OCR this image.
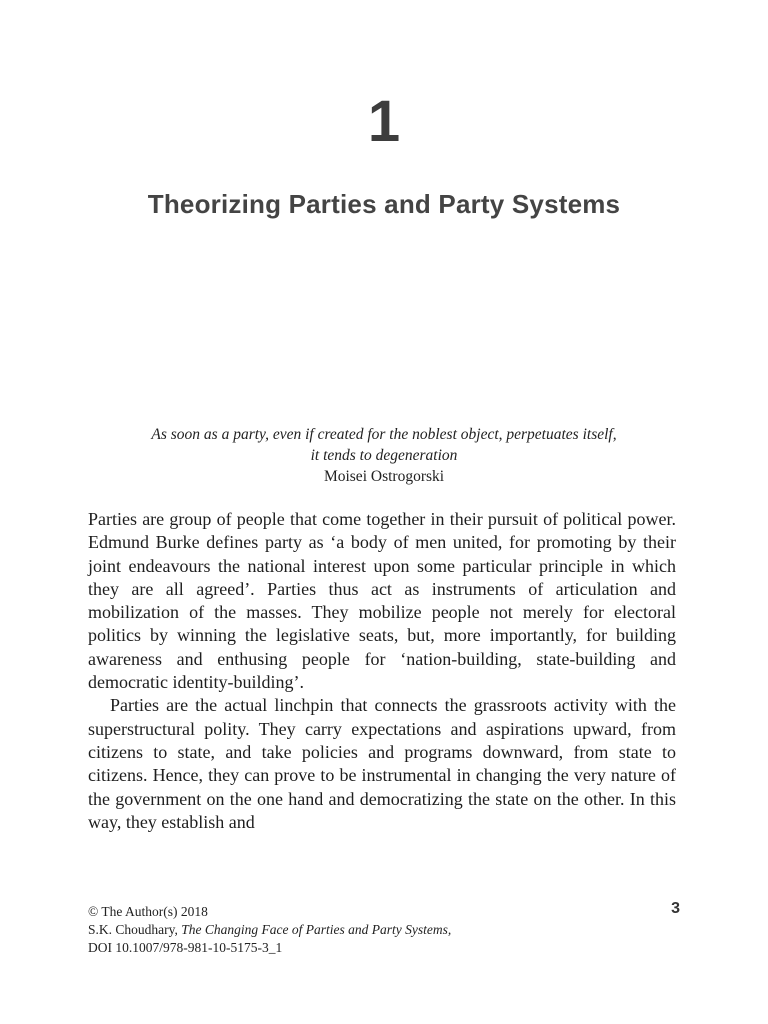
1
Theorizing Parties and Party Systems
As soon as a party, even if created for the noblest object, perpetuates itself,
it tends to degeneration
Moisei Ostrogorski

Parties are group of people that come together in their pursuit of political power. Edmund Burke defines party as ‘a body of men united, for promoting by their joint endeavours the national interest upon some particular principle in which they are all agreed’. Parties thus act as instruments of articulation and mobilization of the masses. They mobilize people not merely for electoral politics by winning the legislative seats, but, more importantly, for building awareness and enthusing people for ‘nation-building, state-building and democratic identity-building’.

Parties are the actual linchpin that connects the grassroots activity with the superstructural polity. They carry expectations and aspirations upward, from citizens to state, and take policies and programs downward, from state to citizens. Hence, they can prove to be instrumental in changing the very nature of the government on the one hand and democratizing the state on the other. In this way, they establish and

© The Author(s) 2018
S.K. Choudhary, The Changing Face of Parties and Party Systems,
DOI 10.1007/978-981-10-5175-3_1
3
